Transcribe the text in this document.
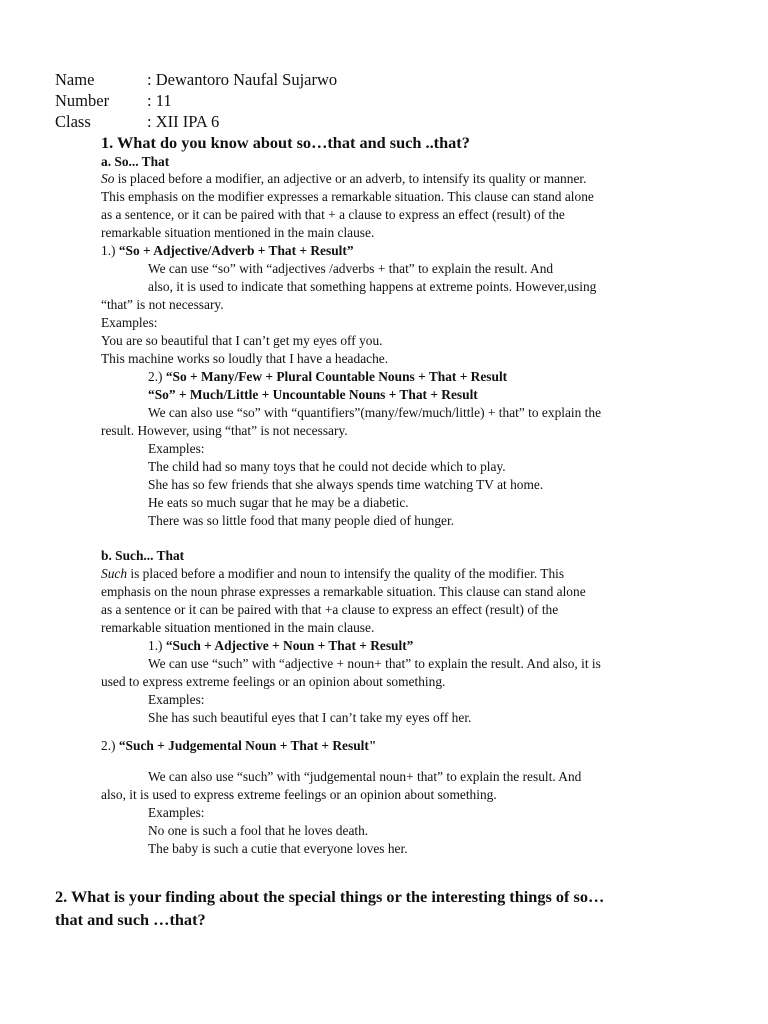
Name	: Dewantoro Naufal Sujarwo
Number : 11
Class	: XII IPA 6
1. What do you know about so…that and such ..that?
a. So... That
So is placed before a modifier, an adjective or an adverb, to intensify its quality or manner.
This emphasis on the modifier expresses a remarkable situation. This clause can stand alone
as a sentence, or it can be paired with that + a clause to express an effect (result) of the
remarkable situation mentioned in the main clause.
1.) “So + Adjective/Adverb + That + Result”
We can use “so” with “adjectives /adverbs + that” to explain the result. And
also, it is used to indicate that something happens at extreme points. However,using
“that” is not necessary.
Examples:
You are so beautiful that I can’t get my eyes off you.
This machine works so loudly that I have a headache.
2.) “So + Many/Few + Plural Countable Nouns + That + Result
“So” + Much/Little + Uncountable Nouns + That + Result
We can also use “so” with “quantifiers”(many/few/much/little) + that” to explain the
result. However, using “that” is not necessary.
Examples:
The child had so many toys that he could not decide which to play.
She has so few friends that she always spends time watching TV at home.
He eats so much sugar that he may be a diabetic.
There was so little food that many people died of hunger.
b. Such... That
Such is placed before a modifier and noun to intensify the quality of the modifier. This
emphasis on the noun phrase expresses a remarkable situation. This clause can stand alone
as a sentence or it can be paired with that +a clause to express an effect (result) of the
remarkable situation mentioned in the main clause.
1.) “Such + Adjective + Noun + That + Result”
We can use “such” with “adjective + noun+ that” to explain the result. And also, it is
used to express extreme feelings or an opinion about something.
Examples:
She has such beautiful eyes that I can’t take my eyes off her.
2.) “Such + Judgemental Noun + That + Result"
We can also use “such” with “judgemental noun+ that” to explain the result. And
also, it is used to express extreme feelings or an opinion about something.
Examples:
No one is such a fool that he loves death.
The baby is such a cutie that everyone loves her.
2. What is your finding about the special things or the interesting things of so…
that and such …that?
